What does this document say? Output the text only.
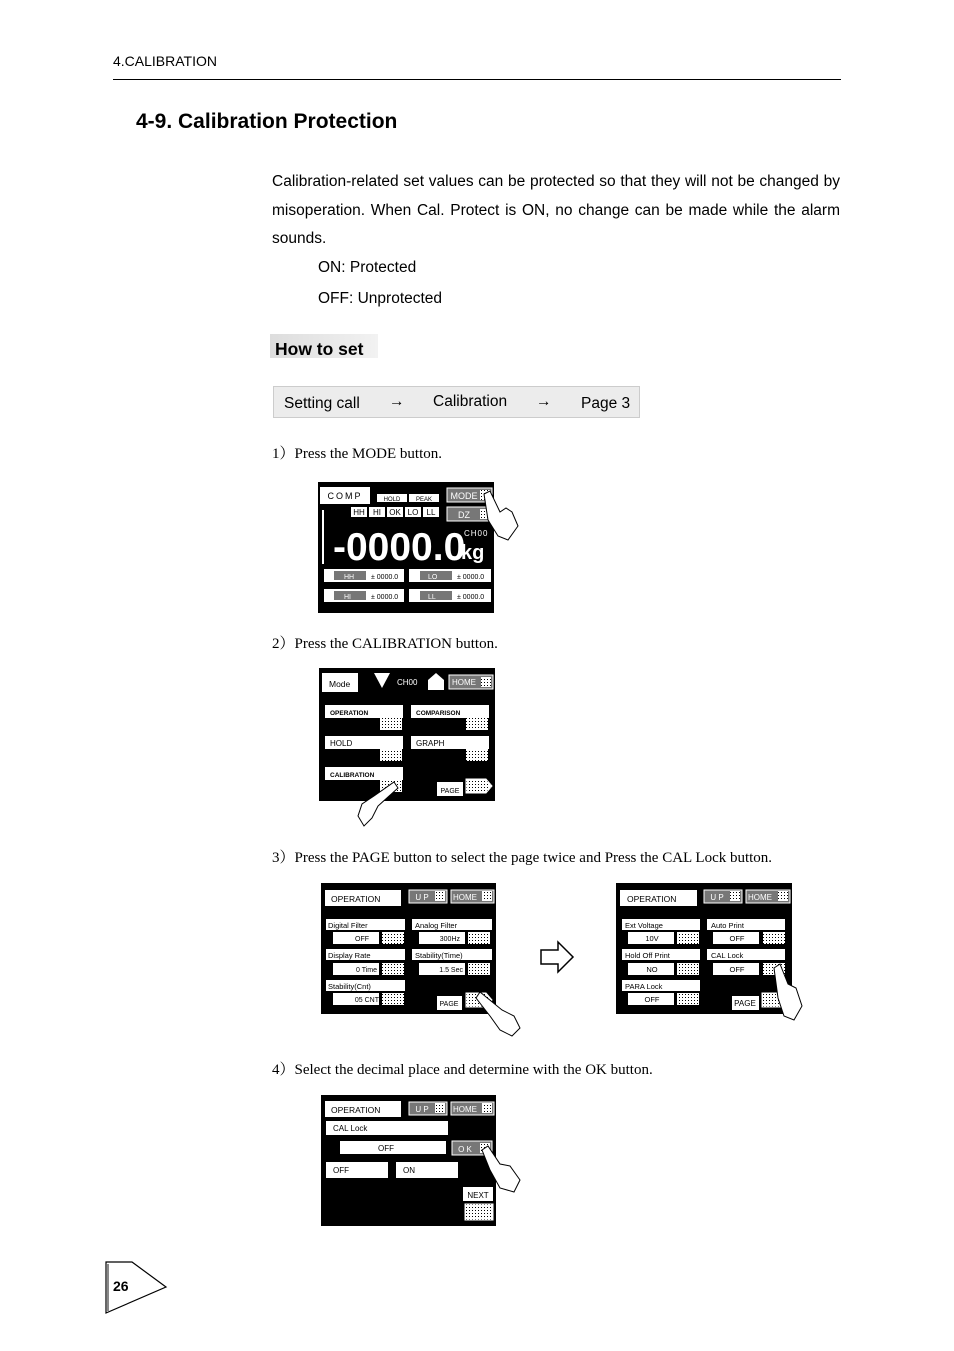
4.CALIBRATION
4-9. Calibration Protection
Calibration-related set values can be protected so that they will not be changed by misoperation. When Cal. Protect is ON, no change can be made while the alarm sounds.
ON: Protected
OFF: Unprotected
How to set
Setting call → Calibration → Page 3
1）Press the MODE button.
2）Press the CALIBRATION button.
3）Press the PAGE button to select the page twice and Press the CAL Lock button.
4）Select the decimal place and determine with the OK button.
COMP	HOLD	PEAK MODE
DZ
HH HI OK LO LL
-0000.0
kg
CH00
HH ± 0000.0	LO	± 0000.0
HI	± 0000.0	LL	± 0000.0
Mode	CH00	HOME
OPERATION	COMPARISON
HOLD	GRAPH
CALIBRATION
PAGE
OPERATION	U P	HOME
Digital Filter
OFF
Analog Filter
300Hz
Display Rate
0 Time
Stability(Time)
1.5 Sec
Stability(Cnt)
05 CNT
PAGE
OPERATION	U P	HOME
Ext Voltage
10V
Auto Print
OFF
Hold Off Print
NO
CAL Lock
OFF
PARA Lock
OFF	PAGE
OPERATION	U P	HOME
CAL Lock
OFF	O K
OFF	ON
NEXT
26
